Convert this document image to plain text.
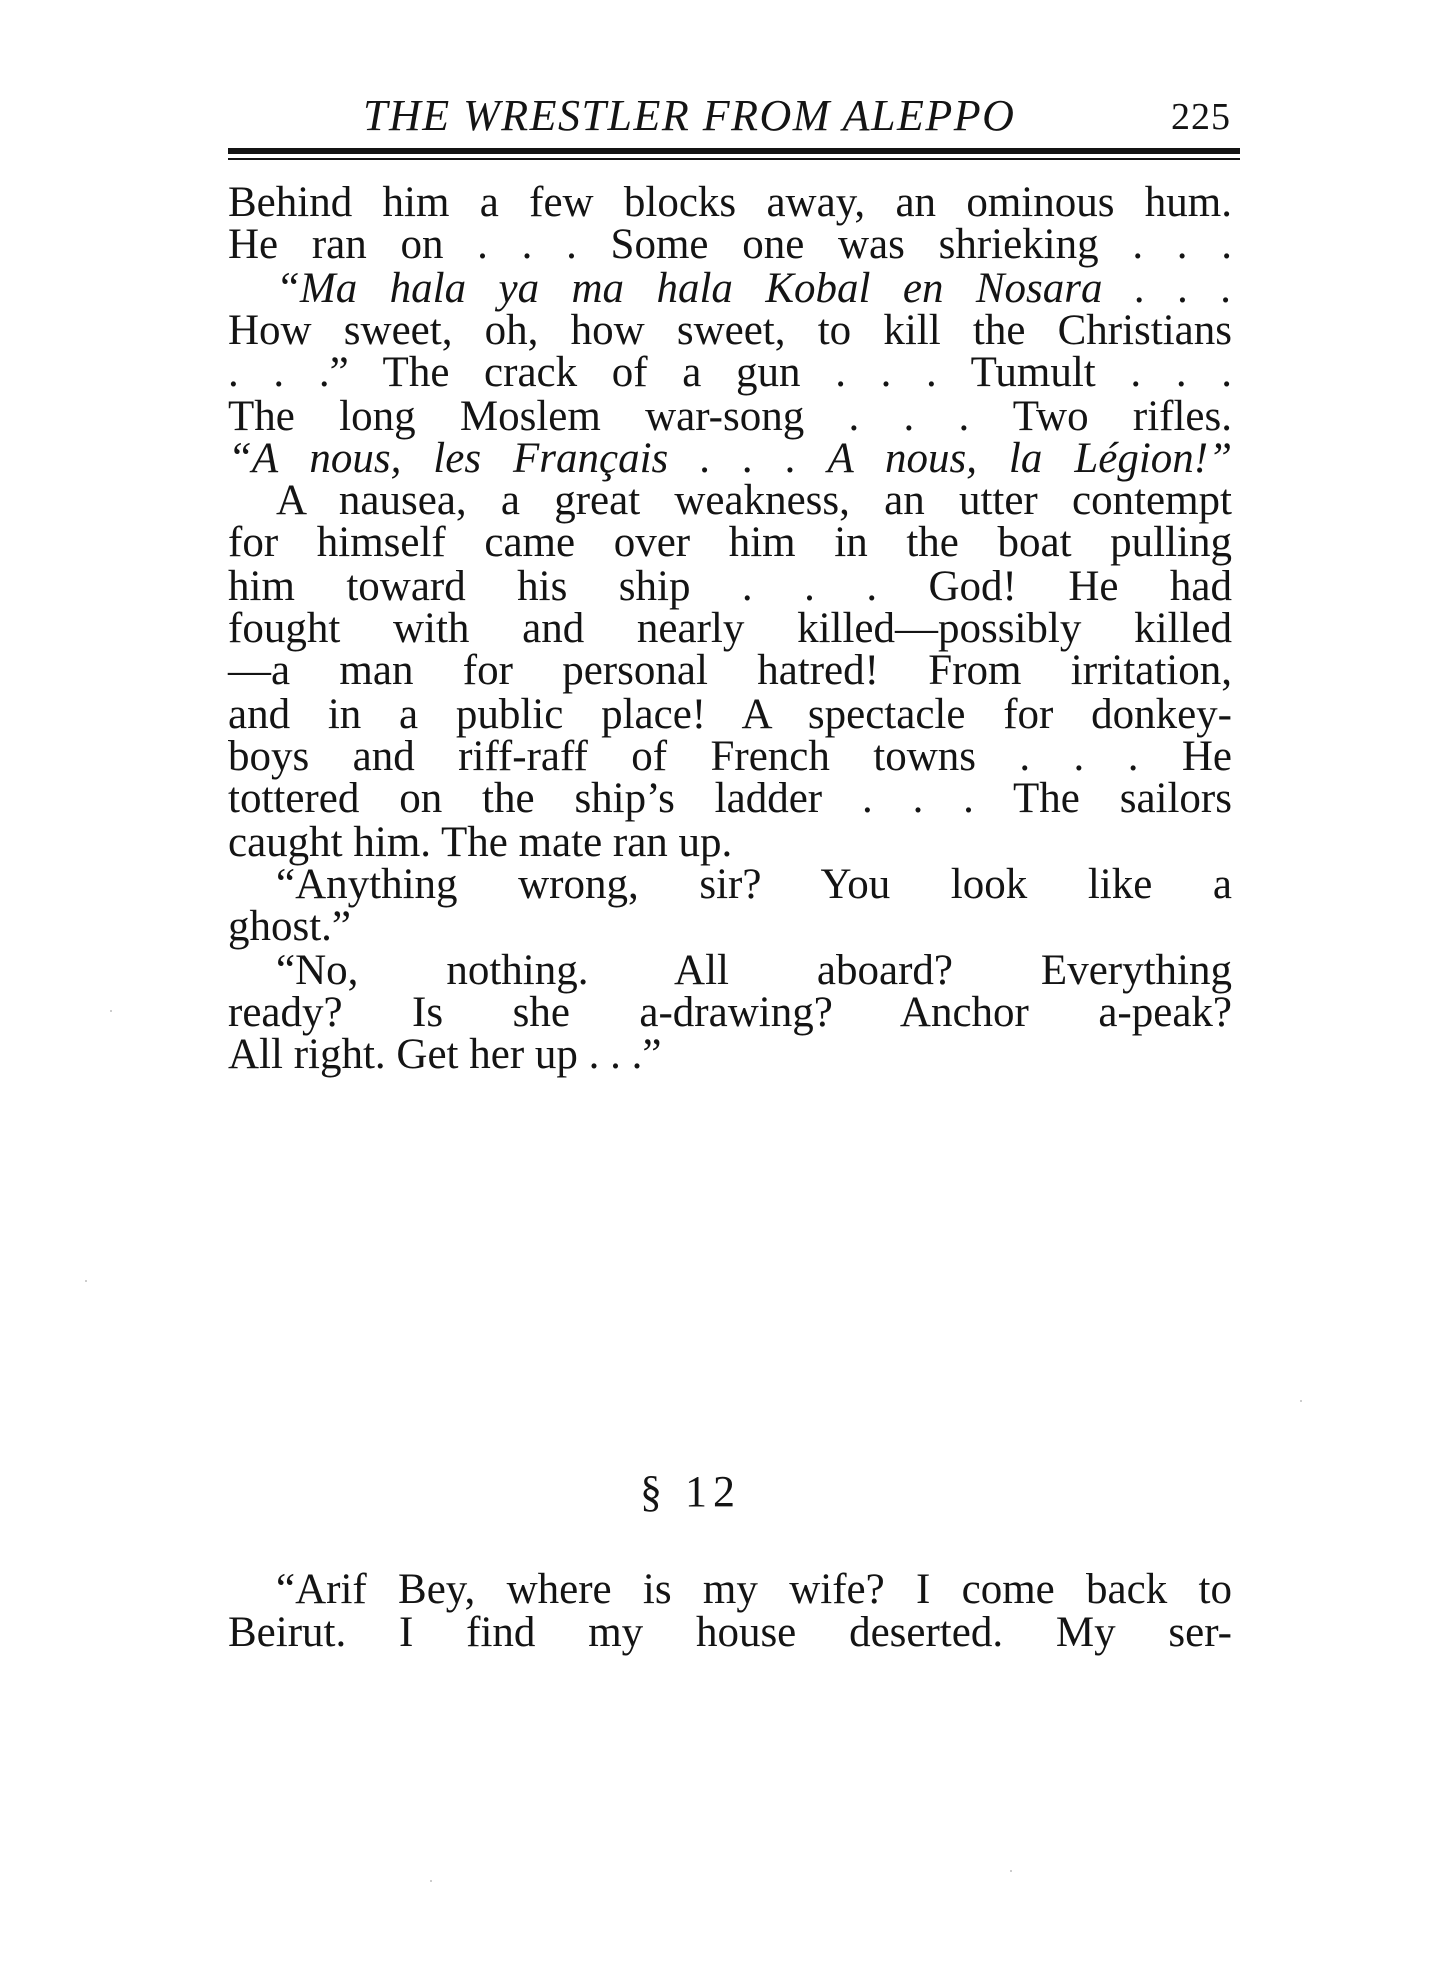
THE WRESTLER FROM ALEPPO	225
Behind him a few blocks away, an ominous hum.
He ran on . . . Some one was shrieking . . .
“Ma hala ya ma hala Kobal en Nosara . . .
How sweet, oh, how sweet, to kill the Christians
. . .” The crack of a gun . . . Tumult . . .
The long Moslem war-song . . . Two rifles.
“A nous, les Français . . . A nous, la Légion!”
A nausea, a great weakness, an utter contempt
for himself came over him in the boat pulling
him toward his ship . . . God! He had
fought with and nearly killed—possibly killed
—a man for personal hatred! From irritation,
and in a public place! A spectacle for donkey-
boys and riff-raff of French towns . . . He
tottered on the ship’s ladder . . . The sailors
caught him. The mate ran up.
“Anything wrong, sir? You look like a
ghost.”
“No, nothing. All aboard? Everything
ready? Is she a-drawing? Anchor a-peak?
All right. Get her up . . .”
§ 12
“Arif Bey, where is my wife? I come back to
Beirut. I find my house deserted. My ser-
